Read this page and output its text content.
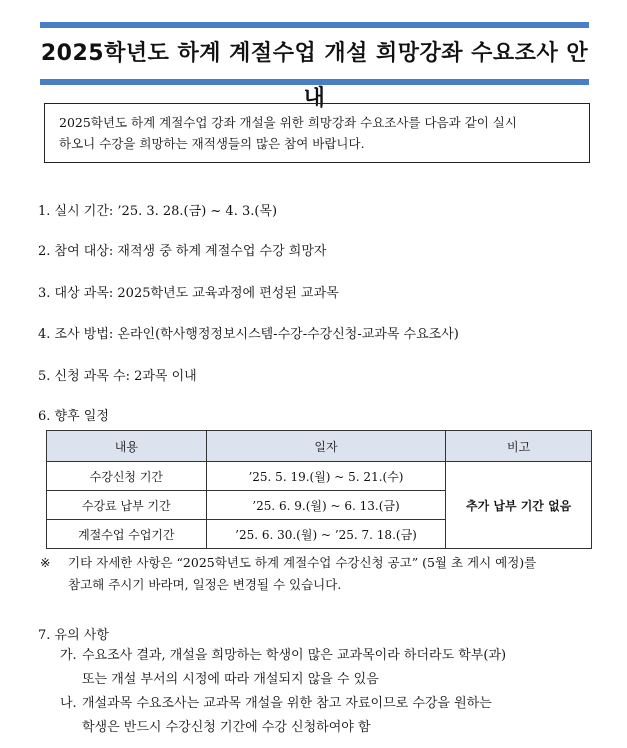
2025학년도 하계 계절수업 개설 희망강좌 수요조사 안내
2025학년도 하계 계절수업 강좌 개설을 위한 희망강좌 수요조사를 다음과 같이 실시
하오니 수강을 희망하는 재적생들의 많은 참여 바랍니다.
1. 실시 기간: ’25. 3. 28.(금) ~ 4. 3.(목)
2. 참여 대상: 재적생 중 하계 계절수업 수강 희망자
3. 대상 과목: 2025학년도 교육과정에 편성된 교과목
4. 조사 방법: 온라인(학사행정정보시스템-수강-수강신청-교과목 수요조사)
5. 신청 과목 수: 2과목 이내
6. 향후 일정
내용	일자	비고
수강신청 기간	’25. 5. 19.(월) ~ 5. 21.(수)	추가 납부 기간 없음
수강료 납부 기간	’25. 6. 9.(월) ~ 6. 13.(금)	
계절수업 수업기간	’25. 6. 30.(월) ~ ’25. 7. 18.(금)	
※ 기타 자세한 사항은 “2025학년도 하계 계절수업 수강신청 공고” (5월 초 게시 예정)를
참고해 주시기 바라며, 일정은 변경될 수 있습니다.
7. 유의 사항
가. 수요조사 결과, 개설을 희망하는 학생이 많은 교과목이라 하더라도 학부(과)
또는 개설 부서의 시정에 따라 개설되지 않을 수 있음
나. 개설과목 수요조사는 교과목 개설을 위한 참고 자료이므로 수강을 원하는
학생은 반드시 수강신청 기간에 수강 신청하여야 함
